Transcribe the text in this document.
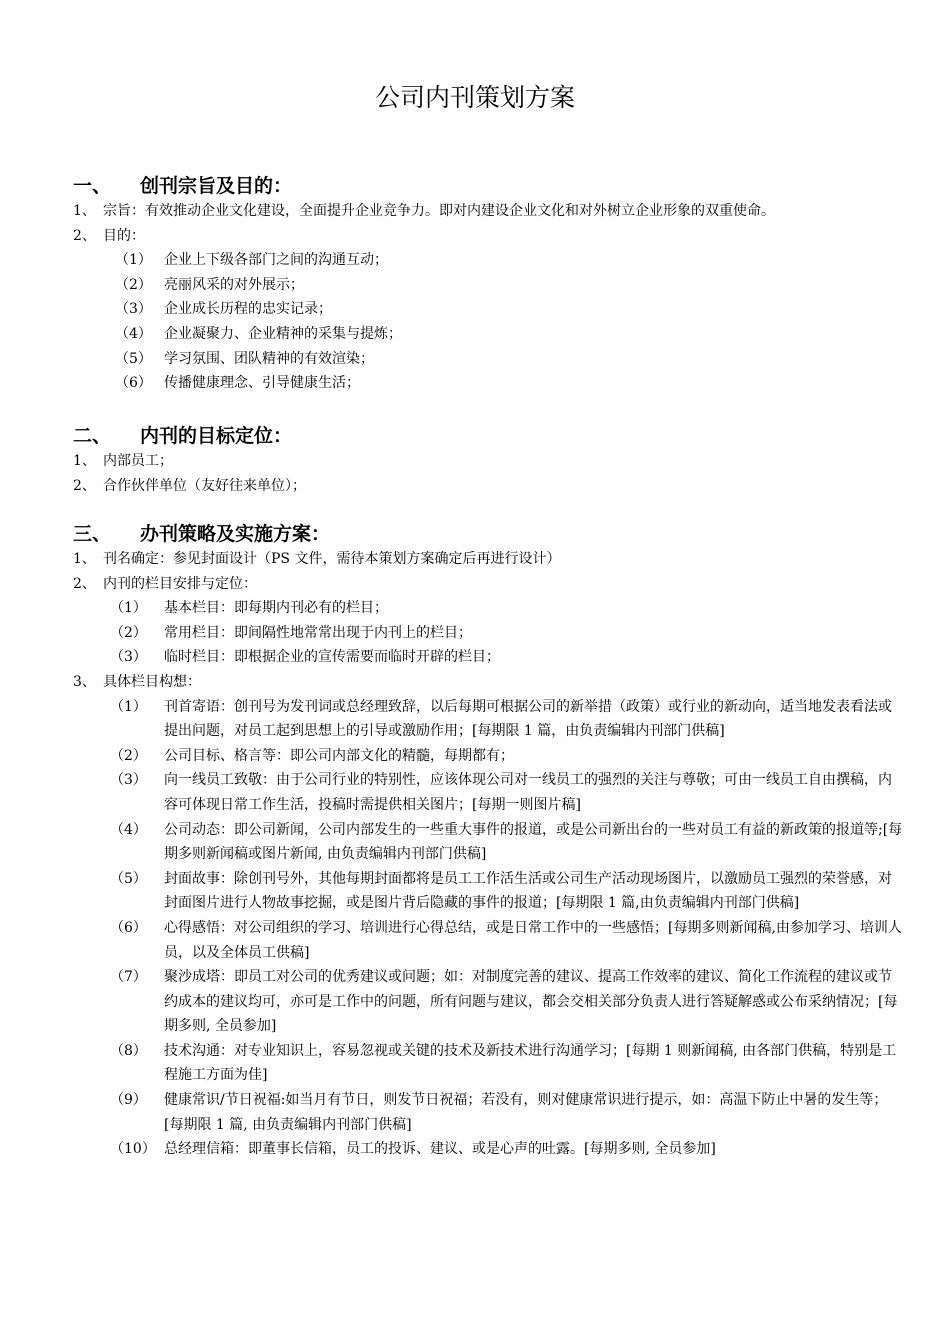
公司内刊策划方案
一、	创刊宗旨及目的：
1、 宗旨：有效推动企业文化建设，全面提升企业竞争力。即对内建设企业文化和对外树立企业形象的双重使命。
2、 目的：
（1） 企业上下级各部门之间的沟通互动；
（2） 亮丽风采的对外展示；
（3） 企业成长历程的忠实记录；
（4） 企业凝聚力、企业精神的采集与提炼；
（5） 学习氛围、团队精神的有效渲染；
（6） 传播健康理念、引导健康生活；
二、	内刊的目标定位：
1、 内部员工；
2、 合作伙伴单位（友好往来单位）；
三、	办刊策略及实施方案：
1、 刊名确定：参见封面设计（PS 文件，需待本策划方案确定后再进行设计）
2、 内刊的栏目安排与定位：
（1）	基本栏目：即每期内刊必有的栏目；
（2）	常用栏目：即间隔性地常常出现于内刊上的栏目；
（3）	临时栏目：即根据企业的宣传需要而临时开辟的栏目；
3、 具体栏目构想：
（1）	刊首寄语：创刊号为发刊词或总经理致辞，以后每期可根据公司的新举措（政策）或行业的新动向，适当地发表看法或提出问题，对员工起到思想上的引导或激励作用；[每期限 1 篇，由负责编辑内刊部门供稿]
（2）	公司目标、格言等：即公司内部文化的精髓，每期都有；
（3）	向一线员工致敬：由于公司行业的特别性，应该体现公司对一线员工的强烈的关注与尊敬；可由一线员工自由撰稿，内容可体现日常工作生活，投稿时需提供相关图片；[每期一则图片稿]
（4）	公司动态：即公司新闻，公司内部发生的一些重大事件的报道，或是公司新出台的一些对员工有益的新政策的报道等;[每期多则新闻稿或图片新闻, 由负责编辑内刊部门供稿]
（5）	封面故事：除创刊号外，其他每期封面都将是员工工作活生活或公司生产活动现场图片，以激励员工强烈的荣誉感，对封面图片进行人物故事挖掘，或是图片背后隐藏的事件的报道；[每期限 1 篇,由负责编辑内刊部门供稿]
（6）	心得感悟：对公司组织的学习、培训进行心得总结，或是日常工作中的一些感悟；[每期多则新闻稿,由参加学习、培训人员，以及全体员工供稿]
（7）	聚沙成塔：即员工对公司的优秀建议或问题；如：对制度完善的建议、提高工作效率的建议、简化工作流程的建议或节约成本的建议均可，亦可是工作中的问题，所有问题与建议，都会交相关部分负责人进行答疑解惑或公布采纳情况；[每期多则, 全员参加]
（8）	技术沟通：对专业知识上，容易忽视或关键的技术及新技术进行沟通学习；[每期 1 则新闻稿, 由各部门供稿，特别是工程施工方面为佳]
（9）	健康常识/节日祝福:如当月有节日，则发节日祝福；若没有，则对健康常识进行提示，如：高温下防止中暑的发生等；[每期限 1 篇, 由负责编辑内刊部门供稿]
（10） 总经理信箱：即董事长信箱，员工的投诉、建议、或是心声的吐露。[每期多则, 全员参加]
